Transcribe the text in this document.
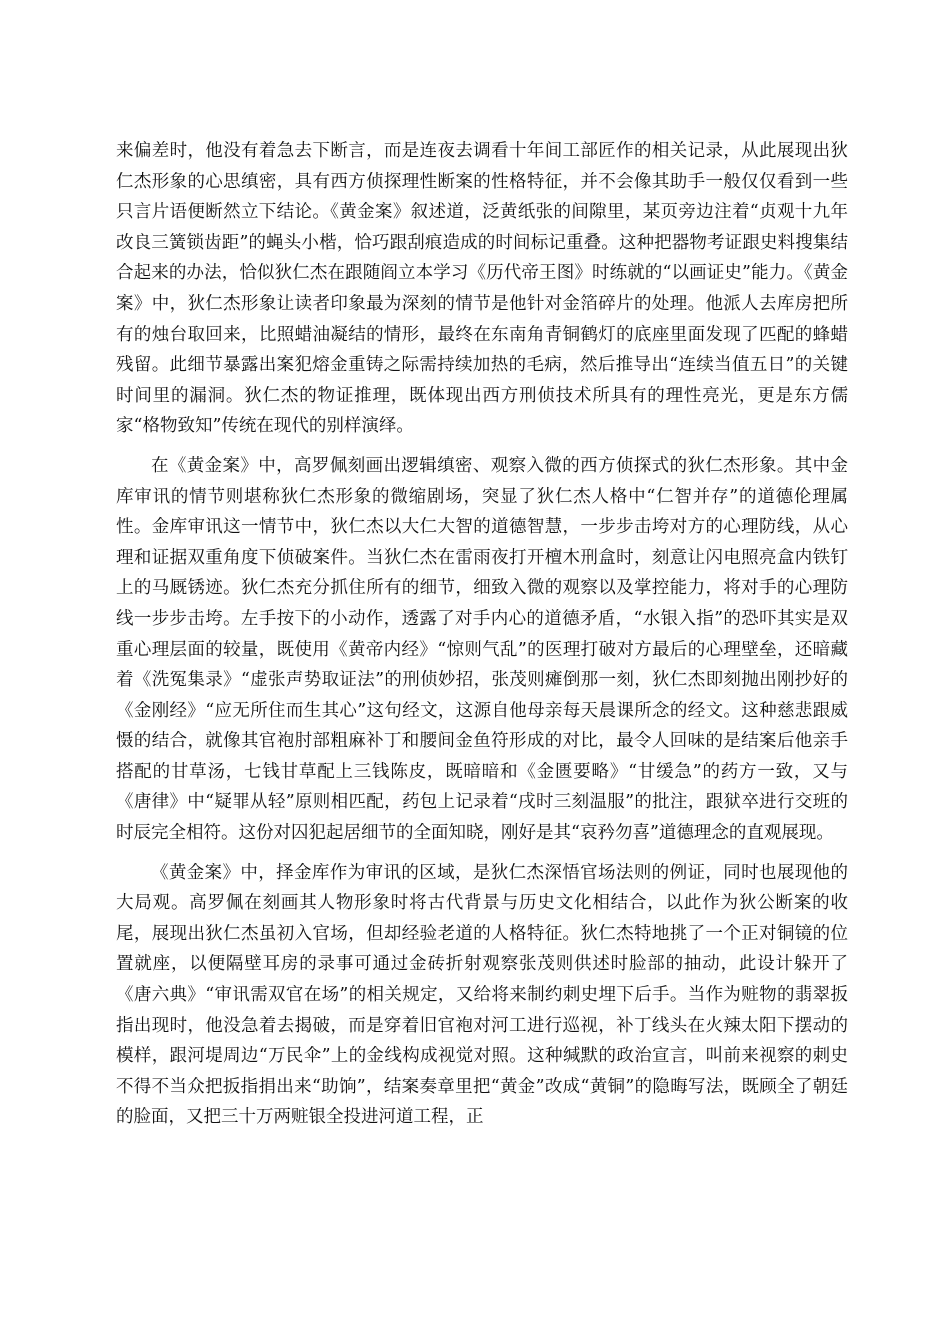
来偏差时，他没有着急去下断言，而是连夜去调看十年间工部匠作的相关记录，从此展现出狄仁杰形象的心思缜密，具有西方侦探理性断案的性格特征，并不会像其助手一般仅仅看到一些只言片语便断然立下结论。《黄金案》叙述道，泛黄纸张的间隙里，某页旁边注着“贞观十九年改良三簧锁齿距”的蝇头小楷，恰巧跟刮痕造成的时间标记重叠。这种把器物考证跟史料搜集结合起来的办法，恰似狄仁杰在跟随阎立本学习《历代帝王图》时练就的“以画证史”能力。《黄金案》中，狄仁杰形象让读者印象最为深刻的情节是他针对金箔碎片的处理。他派人去库房把所有的烛台取回来，比照蜡油凝结的情形，最终在东南角青铜鹤灯的底座里面发现了匹配的蜂蜡残留。此细节暴露出案犯熔金重铸之际需持续加热的毛病，然后推导出“连续当值五日”的关键时间里的漏洞。狄仁杰的物证推理，既体现出西方刑侦技术所具有的理性亮光，更是东方儒家“格物致知”传统在现代的别样演绎。

在《黄金案》中，高罗佩刻画出逻辑缜密、观察入微的西方侦探式的狄仁杰形象。其中金库审讯的情节则堪称狄仁杰形象的微缩剧场，突显了狄仁杰人格中“仁智并存”的道德伦理属性。金库审讯这一情节中，狄仁杰以大仁大智的道德智慧，一步步击垮对方的心理防线，从心理和证据双重角度下侦破案件。当狄仁杰在雷雨夜打开檀木刑盒时，刻意让闪电照亮盒内铁钉上的马厩锈迹。狄仁杰充分抓住所有的细节，细致入微的观察以及掌控能力，将对手的心理防线一步步击垮。左手按下的小动作，透露了对手内心的道德矛盾，“水银入指”的恐吓其实是双重心理层面的较量，既使用《黄帝内经》“惊则气乱”的医理打破对方最后的心理壁垒，还暗藏着《洗冤集录》“虚张声势取证法”的刑侦妙招，张茂则瘫倒那一刻，狄仁杰即刻抛出刚抄好的《金刚经》“应无所住而生其心”这句经文，这源自他母亲每天晨课所念的经文。这种慈悲跟威慑的结合，就像其官袍肘部粗麻补丁和腰间金鱼符形成的对比，最令人回味的是结案后他亲手搭配的甘草汤，七钱甘草配上三钱陈皮，既暗暗和《金匮要略》“甘缓急”的药方一致，又与《唐律》中“疑罪从轻”原则相匹配，药包上记录着“戌时三刻温服”的批注，跟狱卒进行交班的时辰完全相符。这份对囚犯起居细节的全面知晓，刚好是其“哀矜勿喜”道德理念的直观展现。

《黄金案》中，择金库作为审讯的区域，是狄仁杰深悟官场法则的例证，同时也展现他的大局观。高罗佩在刻画其人物形象时将古代背景与历史文化相结合，以此作为狄公断案的收尾，展现出狄仁杰虽初入官场，但却经验老道的人格特征。狄仁杰特地挑了一个正对铜镜的位置就座，以便隔壁耳房的录事可通过金砖折射观察张茂则供述时脸部的抽动，此设计躲开了《唐六典》“审讯需双官在场”的相关规定，又给将来制约刺史埋下后手。当作为赃物的翡翠扳指出现时，他没急着去揭破，而是穿着旧官袍对河工进行巡视，补丁线头在火辣太阳下摆动的模样，跟河堤周边“万民伞”上的金线构成视觉对照。这种缄默的政治宣言，叫前来视察的刺史不得不当众把扳指捐出来“助饷”，结案奏章里把“黄金”改成“黄铜”的隐晦写法，既顾全了朝廷的脸面，又把三十万两赃银全投进河道工程，正
